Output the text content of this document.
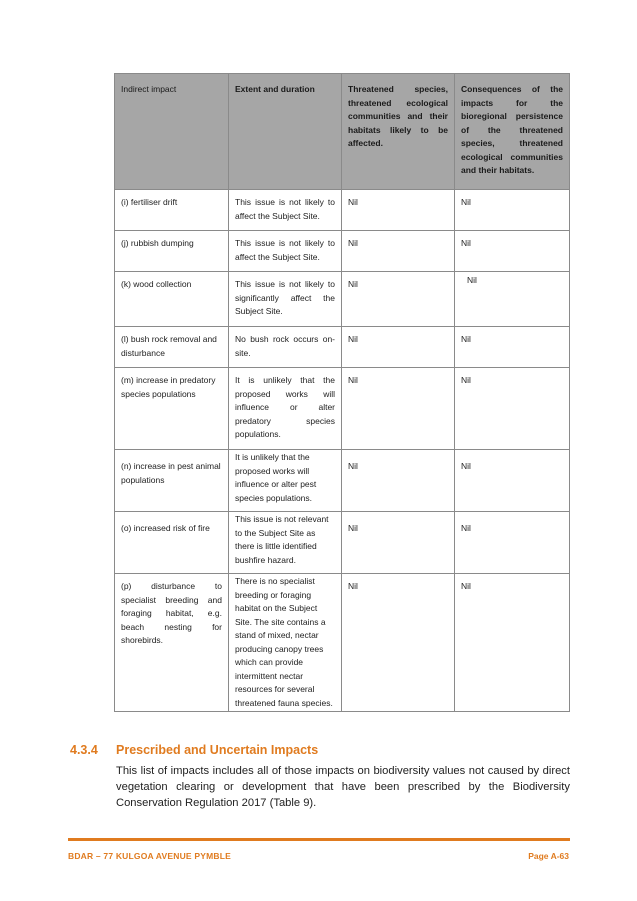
Indirect impact	Extent and duration	Threatened species, threatened ecological communities and their habitats likely to be affected.	Consequences of the impacts for the bioregional persistence of the threatened species, threatened ecological communities and their habitats.
(i) fertiliser drift	This issue is not likely to affect the Subject Site.	Nil	Nil
(j) rubbish dumping	This issue is not likely to affect the Subject Site.	Nil	Nil
(k) wood collection	This issue is not likely to significantly affect the Subject Site.	Nil	Nil
(l) bush rock removal and disturbance	No bush rock occurs on-site.	Nil	Nil
(m) increase in predatory species populations	It is unlikely that the proposed works will influence or alter predatory species populations.	Nil	Nil
(n) increase in pest animal populations	It is unlikely that the proposed works will influence or alter pest species populations.	Nil	Nil
(o) increased risk of fire	This issue is not relevant to the Subject Site as there is little identified bushfire hazard.	Nil	Nil
(p) disturbance to specialist breeding and foraging habitat, e.g. beach nesting for shorebirds.	There is no specialist breeding or foraging habitat on the Subject Site. The site contains a stand of mixed, nectar producing canopy trees which can provide intermittent nectar resources for several threatened fauna species.	Nil	Nil
4.3.4 Prescribed and Uncertain Impacts
This list of impacts includes all of those impacts on biodiversity values not caused by direct vegetation clearing or development that have been prescribed by the Biodiversity Conservation Regulation 2017 (Table 9).
BDAR – 77 KULGOA AVENUE PYMBLE	Page A-63
